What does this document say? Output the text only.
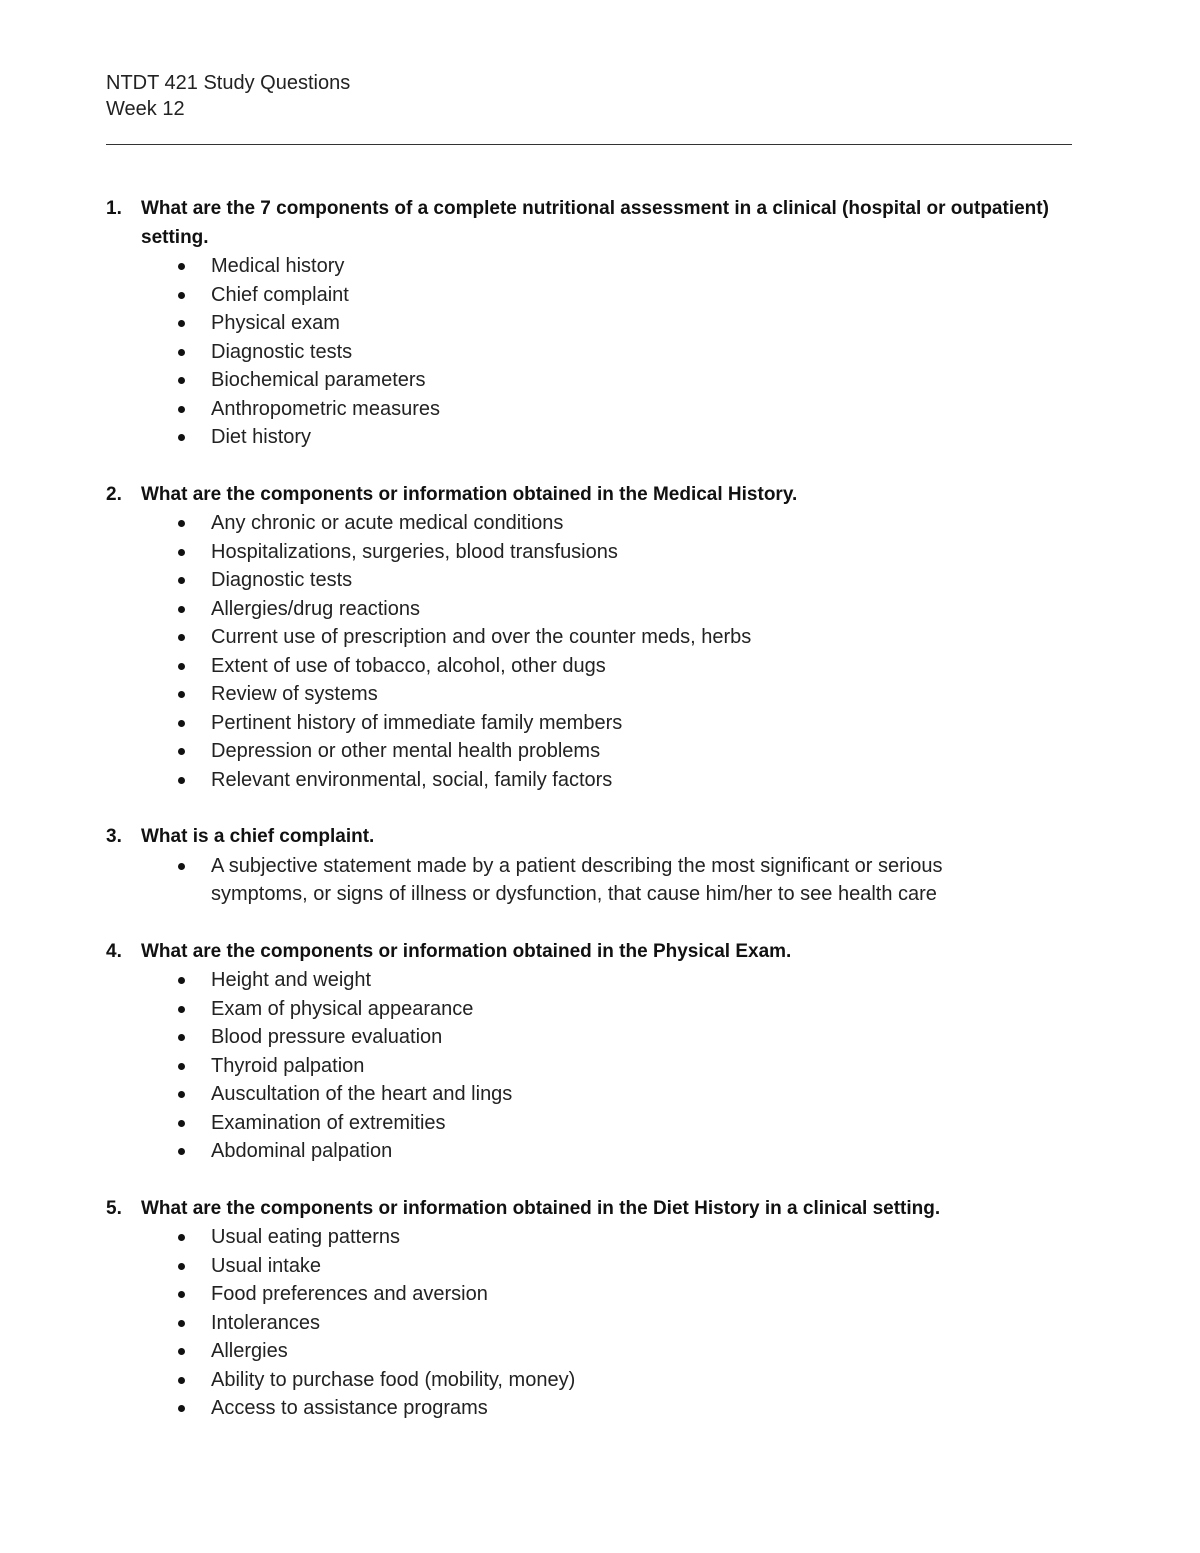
NTDT 421 Study Questions
Week 12
1.	What are the 7 components of a complete nutritional assessment in a clinical (hospital or outpatient) setting.
Medical history
Chief complaint
Physical exam
Diagnostic tests
Biochemical parameters
Anthropometric measures
Diet history
2.	What are the components or information obtained in the Medical History.
Any chronic or acute medical conditions
Hospitalizations, surgeries, blood transfusions
Diagnostic tests
Allergies/drug reactions
Current use of prescription and over the counter meds, herbs
Extent of use of tobacco, alcohol, other dugs
Review of systems
Pertinent history of immediate family members
Depression or other mental health problems
Relevant environmental, social, family factors
3.	What is a chief complaint.
A subjective statement made by a patient describing the most significant or serious symptoms, or signs of illness or dysfunction, that cause him/her to see health care
4.	What are the components or information obtained in the Physical Exam.
Height and weight
Exam of physical appearance
Blood pressure evaluation
Thyroid palpation
Auscultation of the heart and lings
Examination of extremities
Abdominal palpation
5.	What are the components or information obtained in the Diet History in a clinical setting.
Usual eating patterns
Usual intake
Food preferences and aversion
Intolerances
Allergies
Ability to purchase food (mobility, money)
Access to assistance programs
